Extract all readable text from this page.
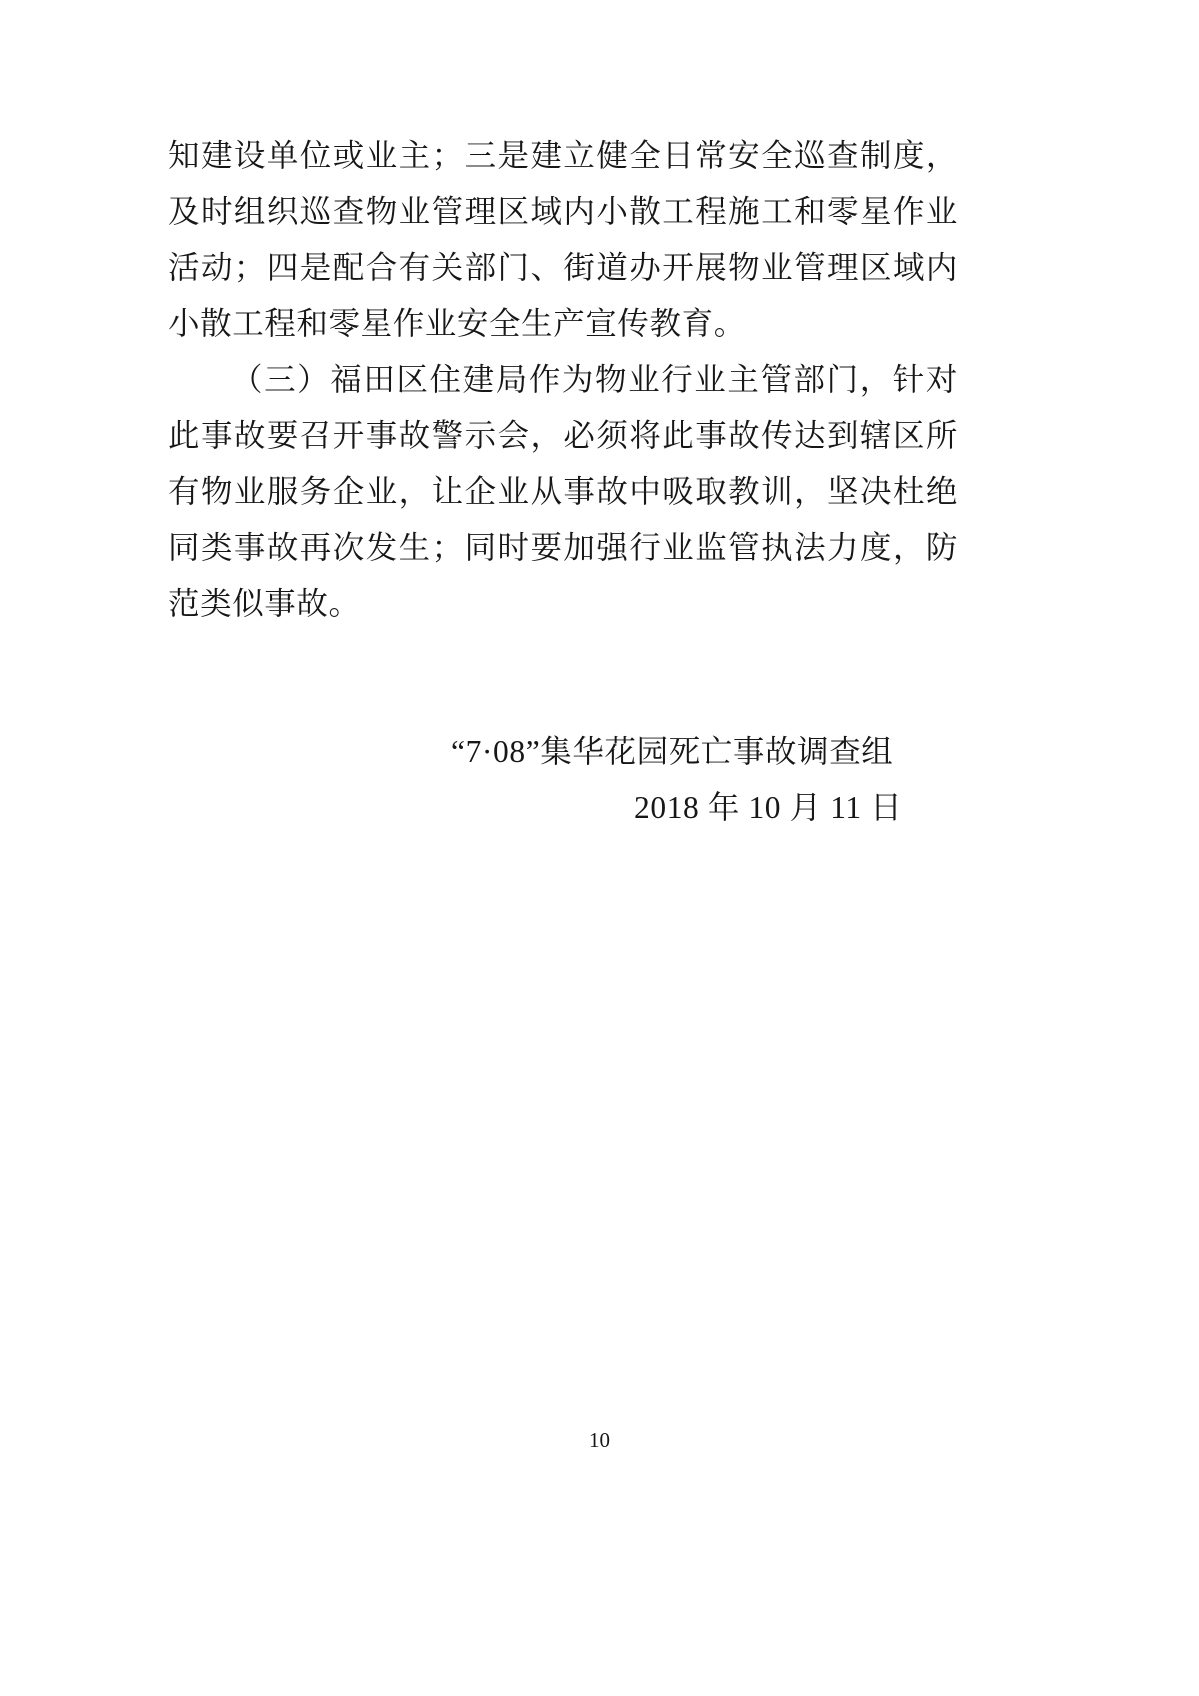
知建设单位或业主；三是建立健全日常安全巡查制度，及时组织巡查物业管理区域内小散工程施工和零星作业活动；四是配合有关部门、街道办开展物业管理区域内小散工程和零星作业安全生产宣传教育。

（三）福田区住建局作为物业行业主管部门，针对此事故要召开事故警示会，必须将此事故传达到辖区所有物业服务企业，让企业从事故中吸取教训，坚决杜绝同类事故再次发生；同时要加强行业监管执法力度，防范类似事故。

“7·08”集华花园死亡事故调查组
2018 年 10 月 11 日
10
